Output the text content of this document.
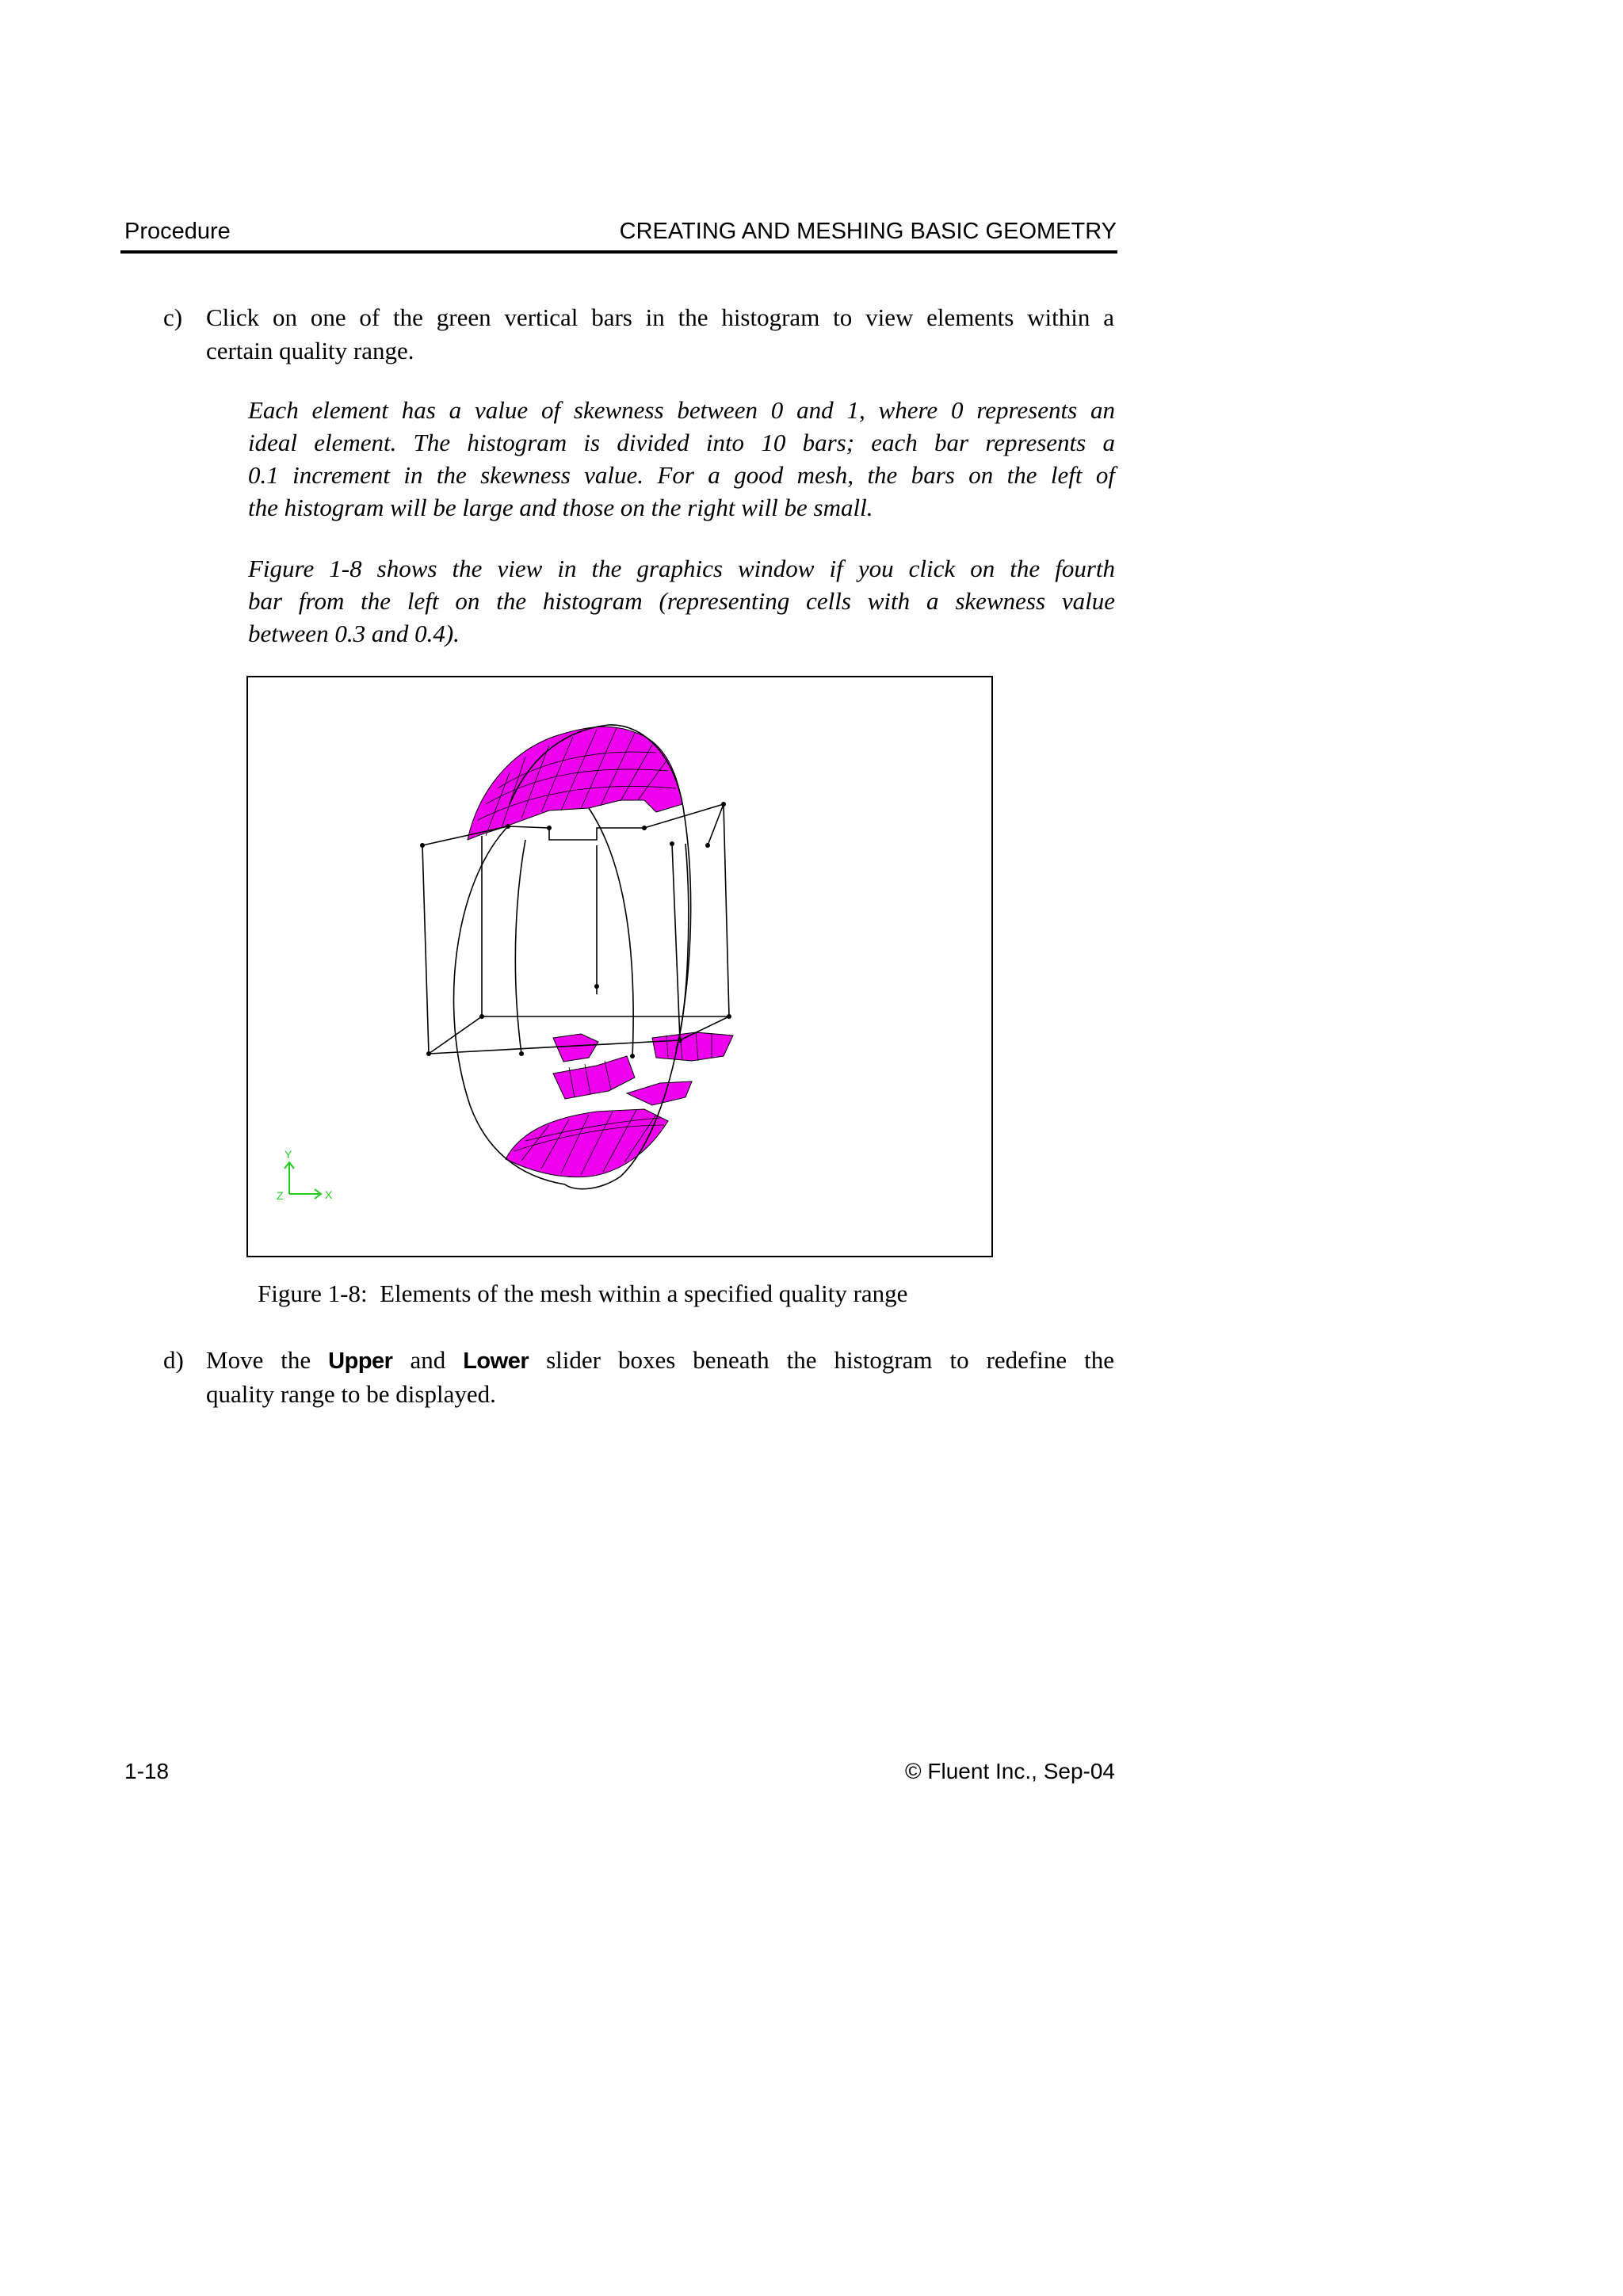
Procedure	CREATING AND MESHING BASIC GEOMETRY
c) Click on one of the green vertical bars in the histogram to view elements within a
certain quality range.
Each element has a value of skewness between 0 and 1, where 0 represents an
ideal element. The histogram is divided into 10 bars; each bar represents a
0.1 increment in the skewness value. For a good mesh, the bars on the left of
the histogram will be large and those on the right will be small.
Figure 1-8 shows the view in the graphics window if you click on the fourth
bar from the left on the histogram (representing cells with a skewness value
between 0.3 and 0.4).
Y
Z	X
Figure 1-8:  Elements of the mesh within a specified quality range
d) Move the Upper and Lower slider boxes beneath the histogram to redefine the
quality range to be displayed.
1-18	© Fluent Inc., Sep-04
